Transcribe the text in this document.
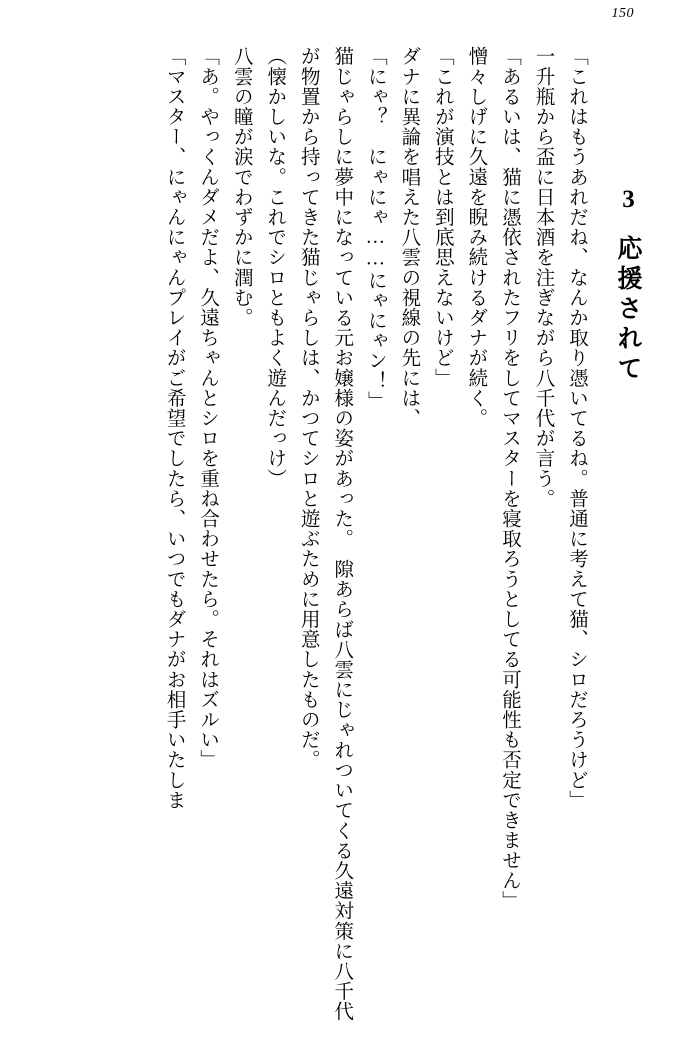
150
3応援されて

「これはもうあれだね、なんか取り憑いてるね。普通に考えて猫、シロだろうけど」

一升瓶から盃に日本酒を注ぎながら八千代が言う。

「あるいは、猫に憑依されたフリをしてマスターを寝取ろうとしてる可能性も否定できません」

憎々しげに久遠を睨み続けるダナが続く。

「これが演技とは到底思えないけど」

ダナに異論を唱えた八雲の視線の先には、

「にゃ？　にゃにゃ……にゃにゃン！」

猫じゃらしに夢中になっている元お嬢様の姿があった。　隙あらば八雲にじゃれついてくる久遠対策に八千代が物置から持ってきた猫じゃらしは、かつてシロと遊ぶために用意したものだ。

（懐かしいな。これでシロともよく遊んだっけ）

八雲の瞳が涙でわずかに潤む。

「あ。やっくんダメだよ、久遠ちゃんとシロを重ね合わせたら。それはズルい」

「マスター、にゃんにゃんプレイがご希望でしたら、いつでもダナがお相手いたしま
